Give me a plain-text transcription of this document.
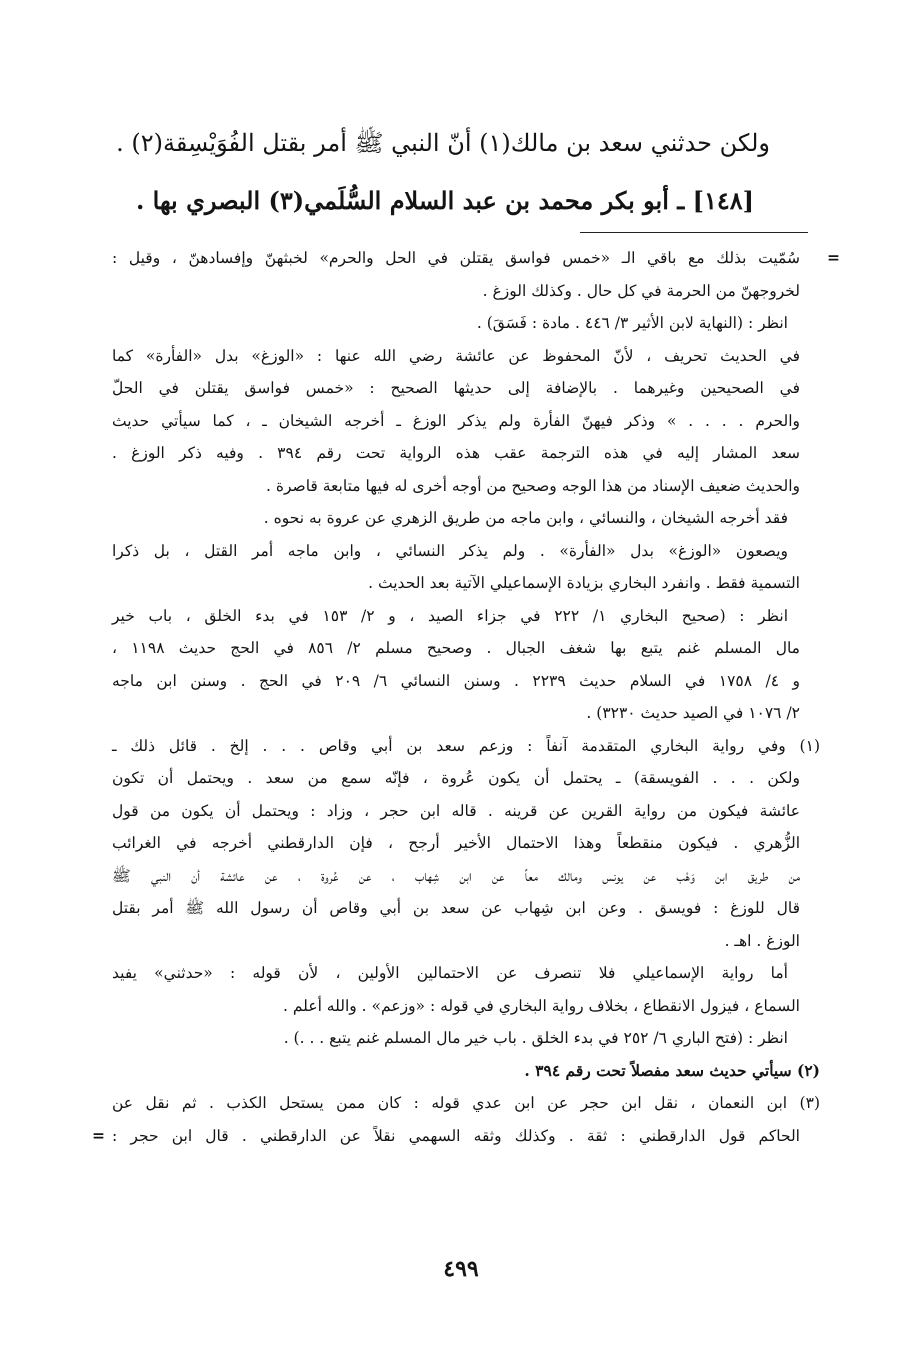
ولكن حدثني سعد بن مالك(١) أنّ النبي ﷺ أمر بقتل الفُوَيْسِقة(٢) .
[١٤٨] ـ أبو بكر محمد بن عبد السلام السُّلَمي(٣) البصري بها .
سُمّيت بذلك مع باقي الـ «خمس فواسق يقتلن في الحل والحرم» لخبثهنّ وإفسادهنّ ، وقيل : =
لخروجهنّ من الحرمة في كل حال . وكذلك الوزغ .
انظر : (النهاية لابن الأثير ٣/ ٤٤٦ . مادة : فَسَقَ) .
في الحديث تحريف ، لأنّ المحفوظ عن عائشة رضي الله عنها : «الوزغ» بدل «الفأرة» كما
في الصحيحين وغيرهما . بالإضافة إلى حديثها الصحيح : «خمس فواسق يقتلن في الحلّ
والحرم . . . . » وذكر فيهنّ الفأرة ولم يذكر الوزغ ـ أخرجه الشيخان ـ ، كما سيأتي حديث
سعد المشار إليه في هذه الترجمة عقب هذه الرواية تحت رقم ٣٩٤ . وفيه ذكر الوزغ .
والحديث ضعيف الإسناد من هذا الوجه وصحيح من أوجه أخرى له فيها متابعة قاصرة .
فقد أخرجه الشيخان ، والنسائي ، وابن ماجه من طريق الزهري عن عروة به نحوه .
ويصعون «الوزغ» بدل «الفأرة» . ولم يذكر النسائي ، وابن ماجه أمر القتل ، بل ذكرا
التسمية فقط . وانفرد البخاري بزيادة الإسماعيلي الآتية بعد الحديث .
انظر : (صحيح البخاري ١/ ٢٢٢ في جزاء الصيد ، و ٢/ ١٥٣ في بدء الخلق ، باب خير
مال المسلم غنم يتبع بها شغف الجبال . وصحيح مسلم ٢/ ٨٥٦ في الحج حديث ١١٩٨ ،
و ٤/ ١٧٥٨ في السلام حديث ٢٢٣٩ . وسنن النسائي ٦/ ٢٠٩ في الحج . وسنن ابن ماجه
٢/ ١٠٧٦ في الصيد حديث ٣٢٣٠) .
(١) وفي رواية البخاري المتقدمة آنفاً : وزعم سعد بن أبي وقاص . . . إلخ . قائل ذلك ـ
ولكن . . . الفويسقة) ـ يحتمل أن يكون عُروة ، فإنّه سمع من سعد . ويحتمل أن تكون
عائشة فيكون من رواية القرين عن قرينه . قاله ابن حجر ، وزاد : ويحتمل أن يكون من قول
الزُّهري . فيكون منقطعاً وهذا الاحتمال الأخير أرجح ، فإن الدارقطني أخرجه في الغرائب
من طريق ابن وَهْب عن يونس ومالك معاً عن ابن شِهاب ، عن عُروة ، عن عائشة أن النبي ﷺ
قال للوزغ : فويسق . وعن ابن شِهاب عن سعد بن أبي وقاص أن رسول الله ﷺ أمر بقتل
الوزغ . اهـ .
أما رواية الإسماعيلي فلا تنصرف عن الاحتمالين الأولين ، لأن قوله : «حدثني» يفيد
السماع ، فيزول الانقطاع ، بخلاف رواية البخاري في قوله : «وزعم» . والله أعلم .
انظر : (فتح الباري ٦/ ٢٥٢ في بدء الخلق . باب خير مال المسلم غنم يتبع . . .) .
(٢) سيأتي حديث سعد مفصلاً تحت رقم ٣٩٤ .
(٣) ابن النعمان ، نقل ابن حجر عن ابن عدي قوله : كان ممن يستحل الكذب . ثم نقل عن
الحاكم قول الدارقطني : ثقة . وكذلك وثقه السهمي نقلاً عن الدارقطني . قال ابن حجر :
=
٤٩٩
